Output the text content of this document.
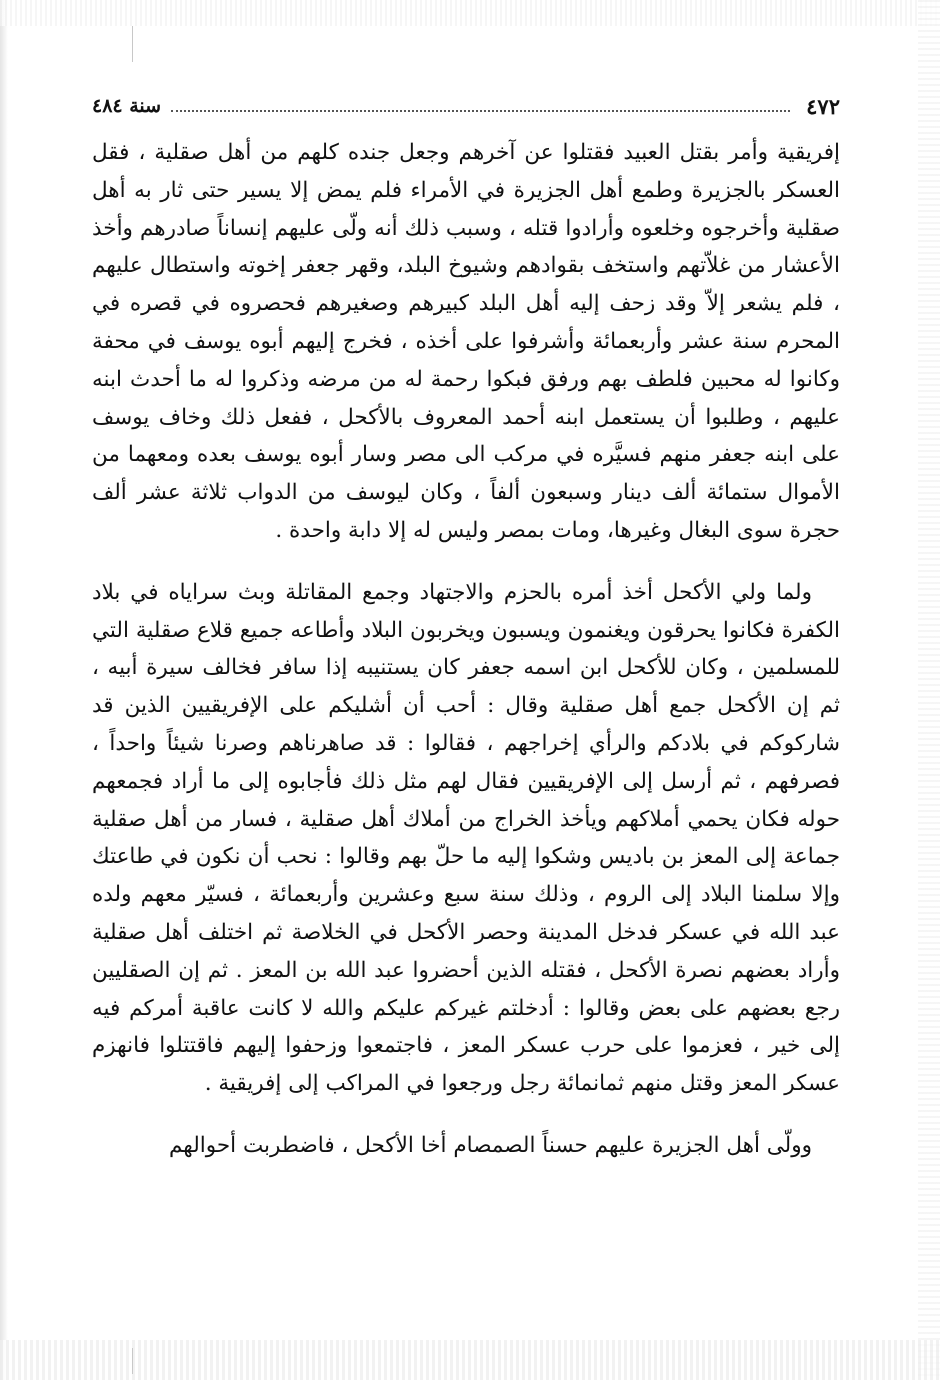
٤٧٢
سنة ٤٨٤

إفريقية وأمر بقتل العبيد فقتلوا عن آخرهم وجعل جنده كلهم من أهل صقلية ، فقل العسكر بالجزيرة وطمع أهل الجزيرة في الأمراء فلم يمض إلا يسير حتى ثار به أهل صقلية وأخرجوه وخلعوه وأرادوا قتله ، وسبب ذلك أنه ولّى عليهم إنساناً صادرهم وأخذ الأعشار من غلاّتهم واستخف بقوادهم وشيوخ البلد، وقهر جعفر إخوته واستطال عليهم ، فلم يشعر إلاّ وقد زحف إليه أهل البلد كبيرهم وصغيرهم فحصروه في قصره في المحرم سنة عشر وأربعمائة وأشرفوا على أخذه ، فخرج إليهم أبوه يوسف في محفة وكانوا له محبين فلطف بهم ورفق فبكوا رحمة له من مرضه وذكروا له ما أحدث ابنه عليهم ، وطلبوا أن يستعمل ابنه أحمد المعروف بالأكحل ، ففعل ذلك وخاف يوسف على ابنه جعفر منهم فسيَّره في مركب الى مصر وسار أبوه يوسف بعده ومعهما من الأموال ستمائة ألف دينار وسبعون ألفاً ، وكان ليوسف من الدواب ثلاثة عشر ألف حجرة سوى البغال وغيرها، ومات بمصر وليس له إلا دابة واحدة .

ولما ولي الأكحل أخذ أمره بالحزم والاجتهاد وجمع المقاتلة وبث سراياه في بلاد الكفرة فكانوا يحرقون ويغنمون ويسبون ويخربون البلاد وأطاعه جميع قلاع صقلية التي للمسلمين ، وكان للأكحل ابن اسمه جعفر كان يستنيبه إذا سافر فخالف سيرة أبيه ، ثم إن الأكحل جمع أهل صقلية وقال : أحب أن أشليكم على الإفريقيين الذين قد شاركوكم في بلادكم والرأي إخراجهم ، فقالوا : قد صاهرناهم وصرنا شيئاً واحداً ، فصرفهم ، ثم أرسل إلى الإفريقيين فقال لهم مثل ذلك فأجابوه إلى ما أراد فجمعهم حوله فكان يحمي أملاكهم ويأخذ الخراج من أملاك أهل صقلية ، فسار من أهل صقلية جماعة إلى المعز بن باديس وشكوا إليه ما حلّ بهم وقالوا : نحب أن نكون في طاعتك وإلا سلمنا البلاد إلى الروم ، وذلك سنة سبع وعشرين وأربعمائة ، فسيّر معهم ولده عبد الله في عسكر فدخل المدينة وحصر الأكحل في الخلاصة ثم اختلف أهل صقلية وأراد بعضهم نصرة الأكحل ، فقتله الذين أحضروا عبد الله بن المعز . ثم إن الصقليين رجع بعضهم على بعض وقالوا : أدخلتم غيركم عليكم والله لا كانت عاقبة أمركم فيه إلى خير ، فعزموا على حرب عسكر المعز ، فاجتمعوا وزحفوا إليهم فاقتتلوا فانهزم عسكر المعز وقتل منهم ثمانمائة رجل ورجعوا في المراكب إلى إفريقية .

وولّى أهل الجزيرة عليهم حسناً الصمصام أخا الأكحل ، فاضطربت أحوالهم
